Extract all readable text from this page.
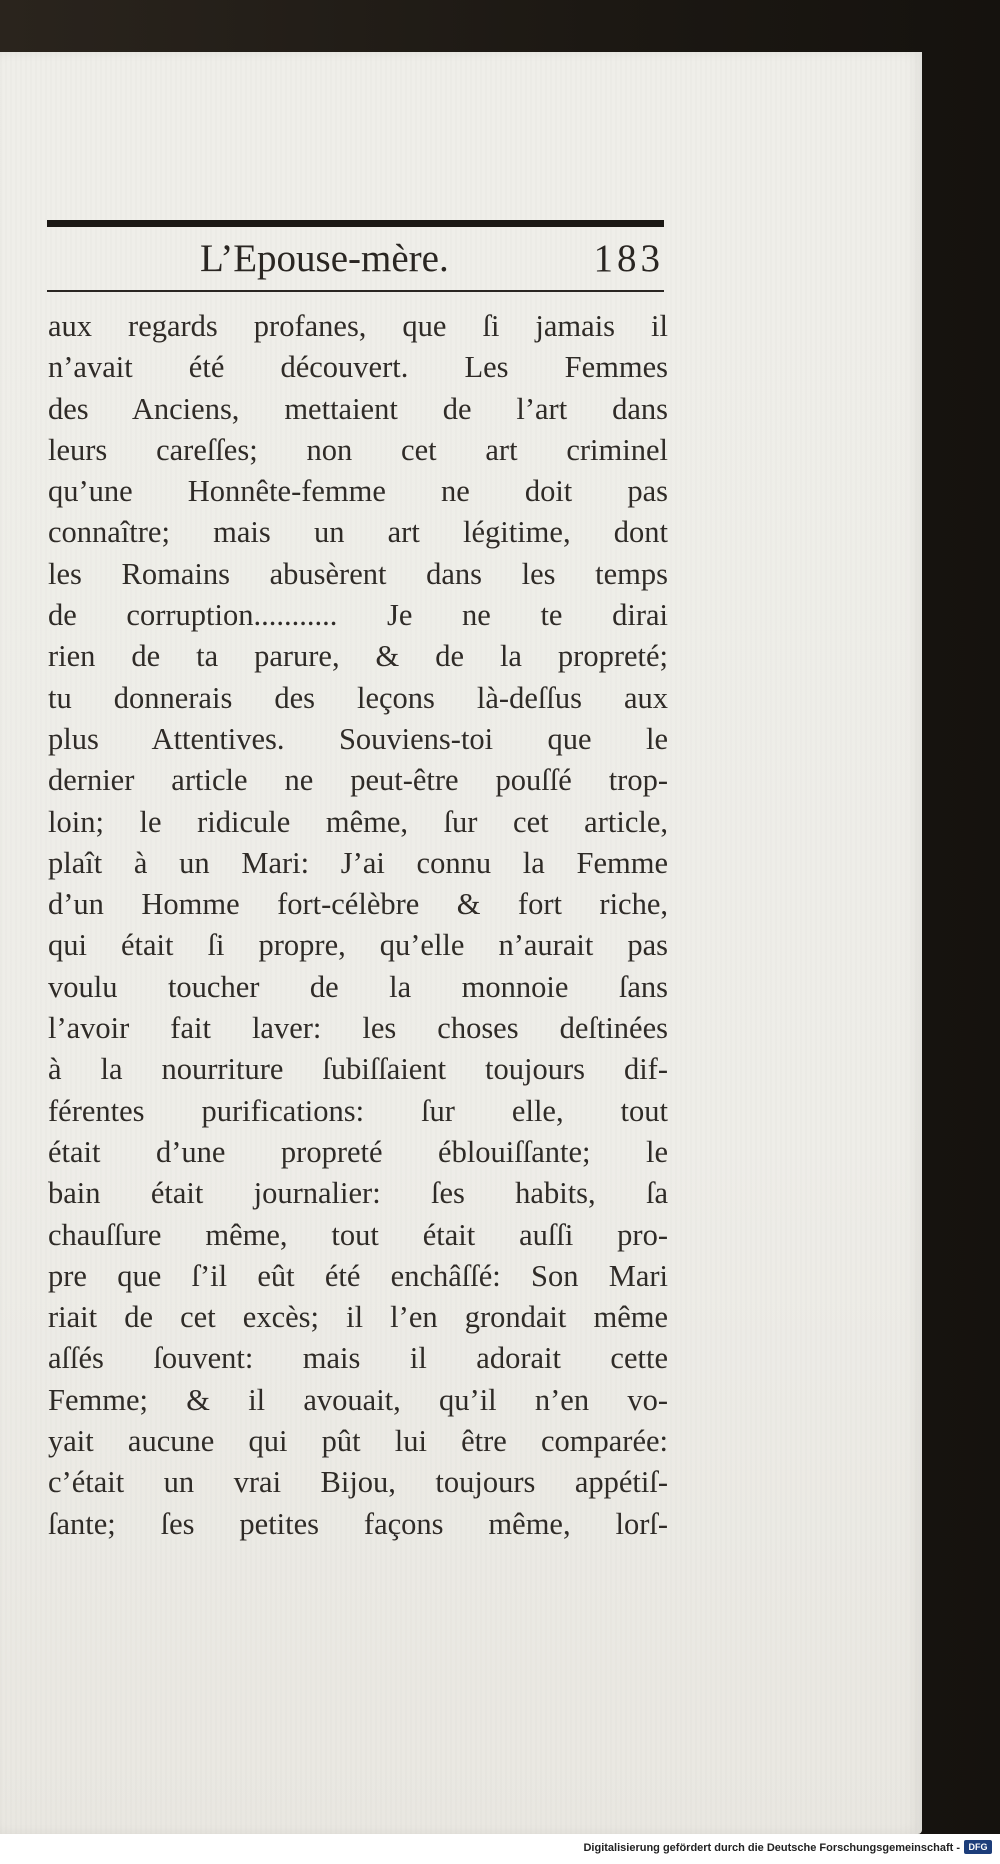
L’Epouse-mère.	183
aux regards profanes, que ſi jamais il
n’avait été découvert. Les Femmes
des Anciens, mettaient de l’art dans
leurs careſſes; non cet art criminel
qu’une Honnête-femme ne doit pas
connaître; mais un art légitime, dont
les Romains abusèrent dans les temps
de corruption........... Je ne te dirai
rien de ta parure, & de la propreté;
tu donnerais des leçons là-deſſus aux
plus Attentives. Souviens-toi que le
dernier article ne peut-être pouſſé trop-
loin; le ridicule même, ſur cet article,
plaît à un Mari: J’ai connu la Femme
d’un Homme fort-célèbre & fort riche,
qui était ſi propre, qu’elle n’aurait pas
voulu toucher de la monnoie ſans
l’avoir fait laver: les choses deſtinées
à la nourriture ſubiſſaient toujours dif-
férentes purifications: ſur elle, tout
était d’une propreté éblouiſſante; le
bain était journalier: ſes habits, ſa
chauſſure même, tout était auſſi pro-
pre que ſ’il eût été enchâſſé: Son Mari
riait de cet excès; il l’en grondait même
aſſés ſouvent: mais il adorait cette
Femme; & il avouait, qu’il n’en vo-
yait aucune qui pût lui être comparée:
c’était un vrai Bijou, toujours appétiſ-
ſante; ſes petites façons même, lorſ-
Digitalisierung gefördert durch die Deutsche Forschungsgemeinschaft - DFG
